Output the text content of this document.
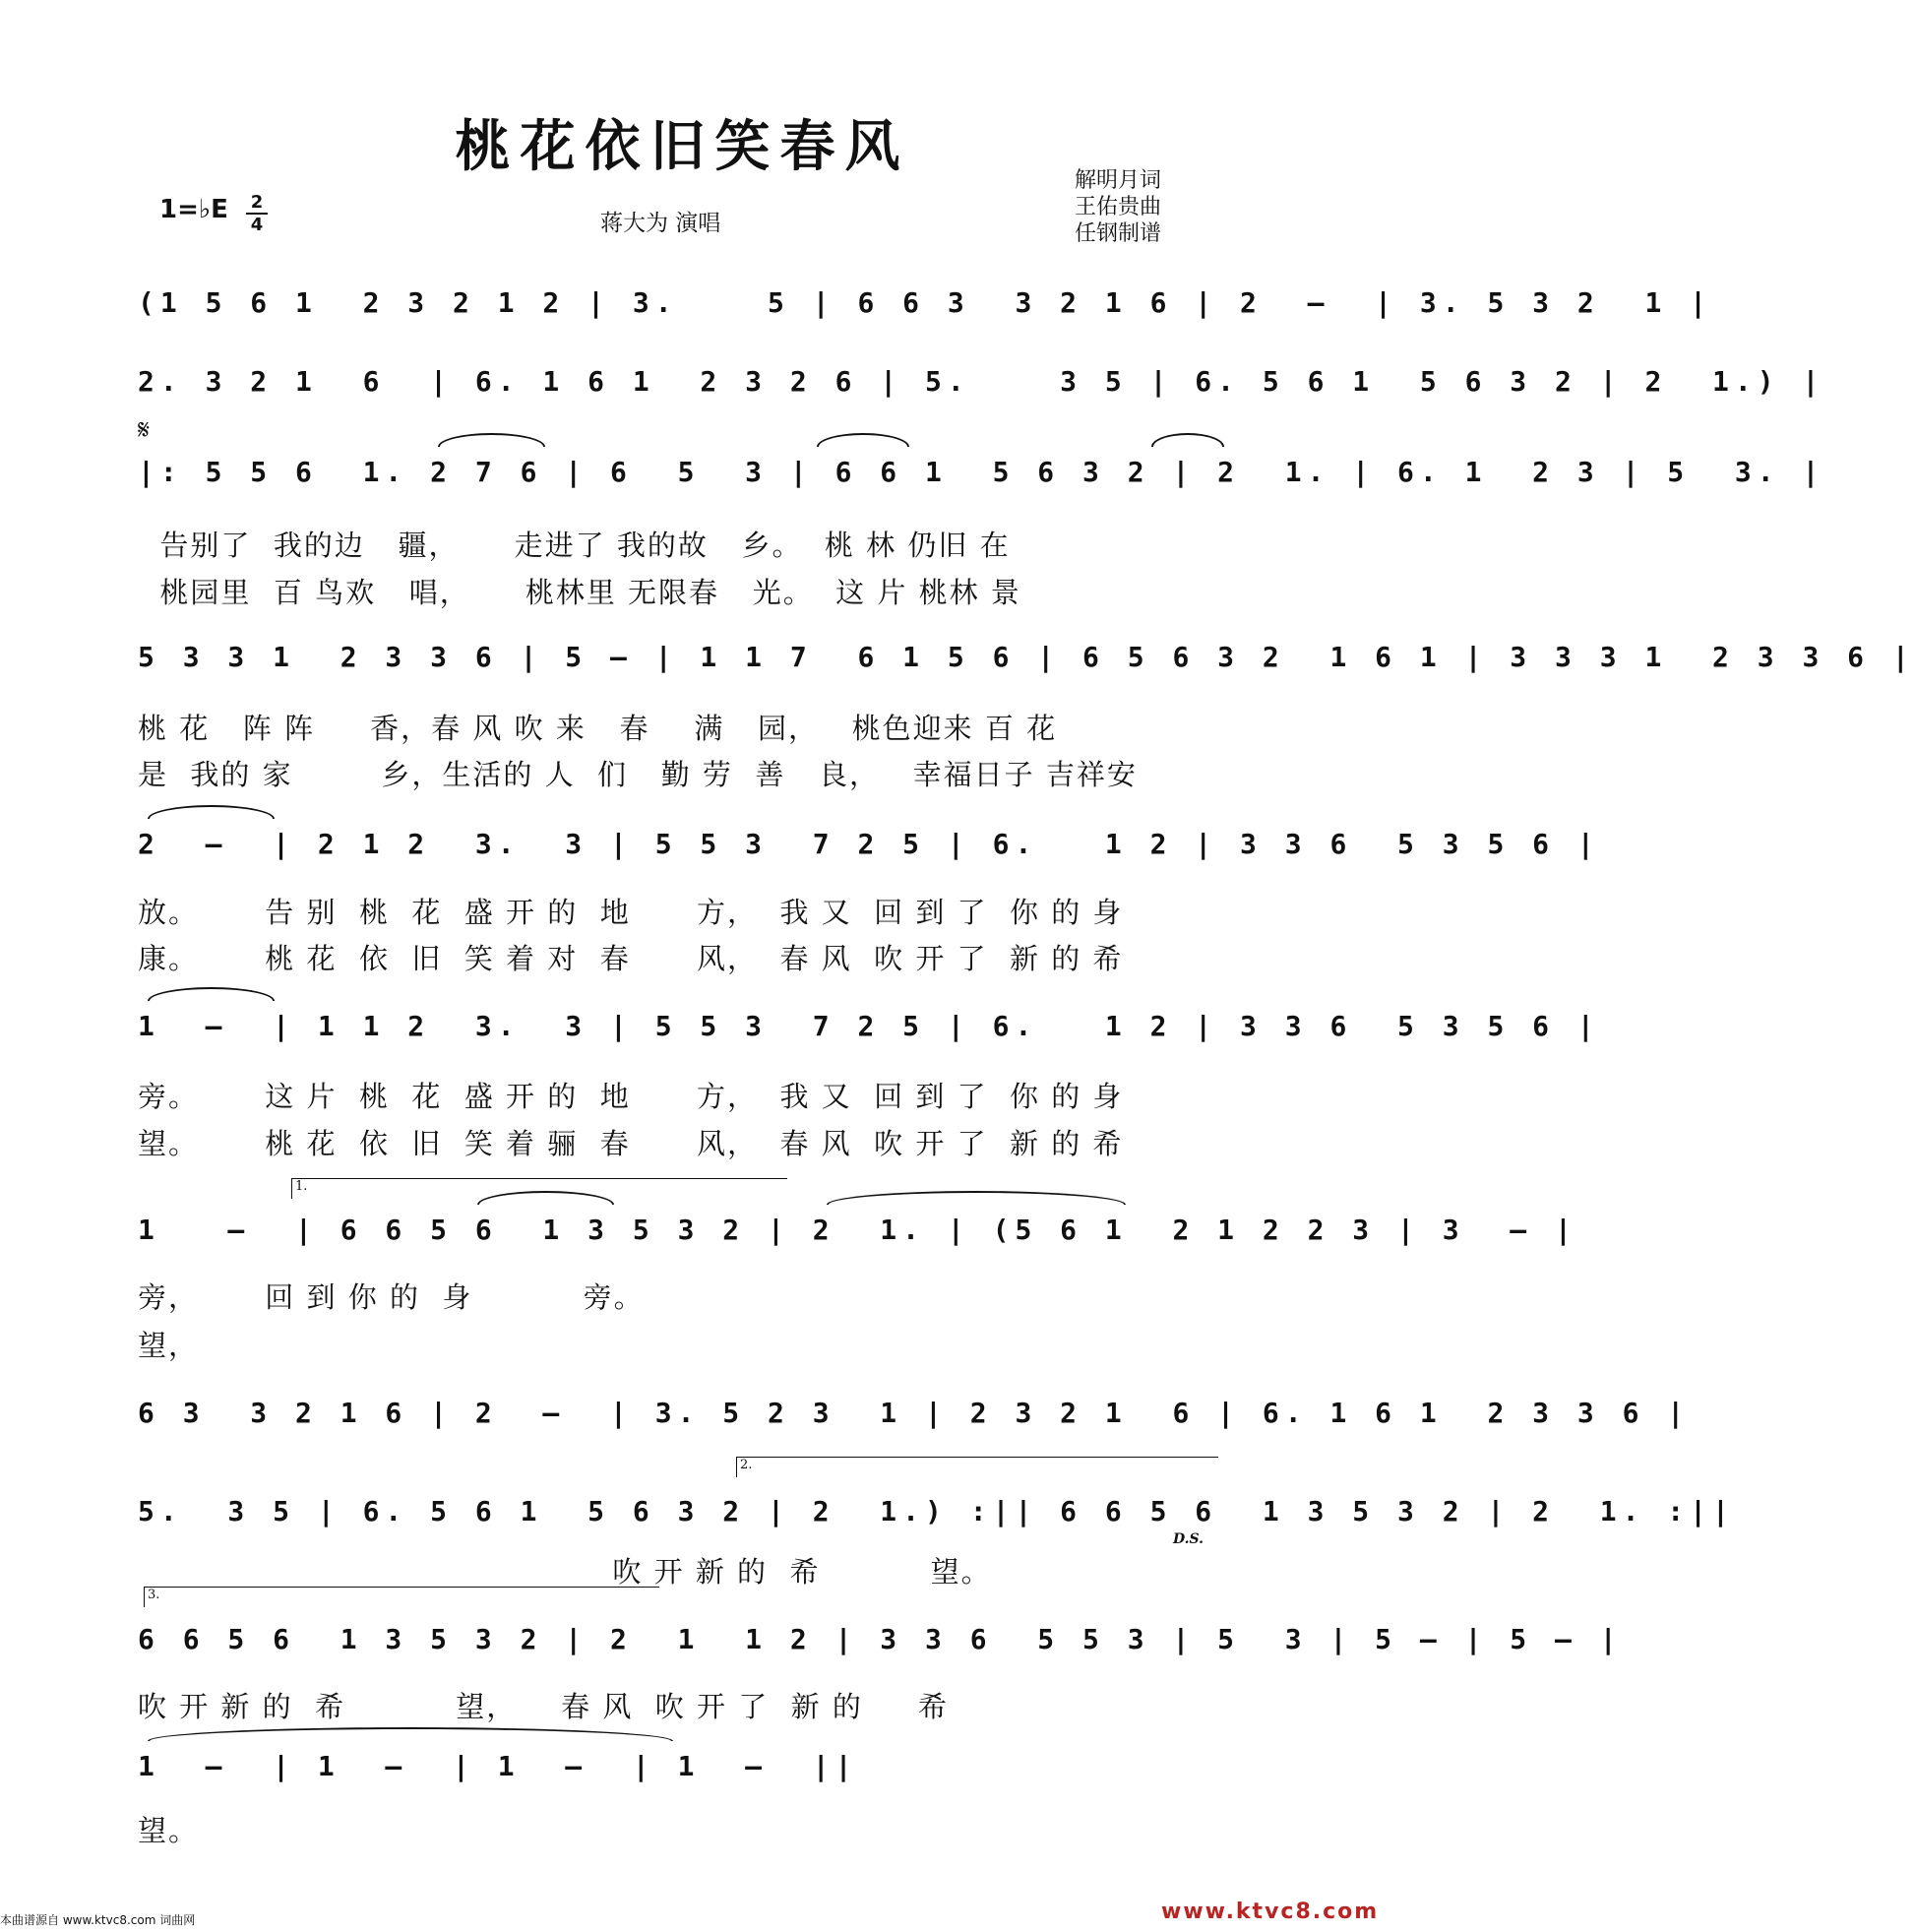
桃花依旧笑春风
1=♭E 2
4	蒋大为 演唱
解明月词
王佑贵曲
任钢制谱
(1 5 6 1  2 3 2 1 2 | 3.    5 | 6 6 3  3 2 1 6 | 2  –  | 3. 5 3 2  1 |
2. 3 2 1  6  | 6. 1 6 1  2 3 2 6 | 5.    3 5 | 6. 5 6 1  5 6 3 2 | 2  1.) |
𝄋
|: 5 5 6  1. 2 7 6 | 6  5  3 | 6 6 1  5 6 3 2 | 2  1. | 6. 1  2 3 | 5  3. |
告别了  我的边   疆，     走进了 我的故   乡。  桃 林 仍旧 在
桃园里  百 鸟欢   唱，     桃林里 无限春   光。  这 片 桃林 景
5 3 3 1  2 3 3 6 | 5 – | 1 1 7  6 1 5 6 | 6 5 6 3 2  1 6 1 | 3 3 3 1  2 3 3 6 |
桃 花   阵 阵     香，春 风 吹 来   春    满   园，   桃色迎来 百 花
是  我的 家        乡，生活的 人  们   勤 劳  善   良，   幸福日子 吉祥安
2  –  | 2 1 2  3.  3 | 5 5 3  7 2 5 | 6.   1 2 | 3 3 6  5 3 5 6 |
放。      告 别  桃  花  盛 开 的  地      方，  我 又  回 到 了  你 的 身
康。      桃 花  依  旧  笑 着 对  春      风，  春 风  吹 开 了  新 的 希
1  –  | 1 1 2  3.  3 | 5 5 3  7 2 5 | 6.   1 2 | 3 3 6  5 3 5 6 |
旁。      这 片  桃  花  盛 开 的  地      方，  我 又  回 到 了  你 的 身
望。      桃 花  依  旧  笑 着 骊  春      风，  春 风  吹 开 了  新 的 希
1.
1   –  | 6 6 5 6  1 3 5 3 2 | 2  1. | (5 6 1  2 1 2 2 3 | 3  – |
旁，      回 到 你 的  身          旁。
望，
6 3  3 2 1 6 | 2  –  | 3. 5 2 3  1 | 2 3 2 1  6 | 6. 1 6 1  2 3 3 6 |
2.
5.  3 5 | 6. 5 6 1  5 6 3 2 | 2  1.) :|| 6 6 5 6  1 3 5 3 2 | 2  1. :||
D.S.
吹 开 新 的  希          望。
3.
6 6 5 6  1 3 5 3 2 | 2  1  1 2 | 3 3 6  5 5 3 | 5  3 | 5 – | 5 – |
吹 开 新 的  希          望，    春 风  吹 开 了  新 的     希
1  –  | 1  –  | 1  –  | 1  –  ||
望。
本曲谱源自 www.ktvc8.com 词曲网	www.ktvc8.com
